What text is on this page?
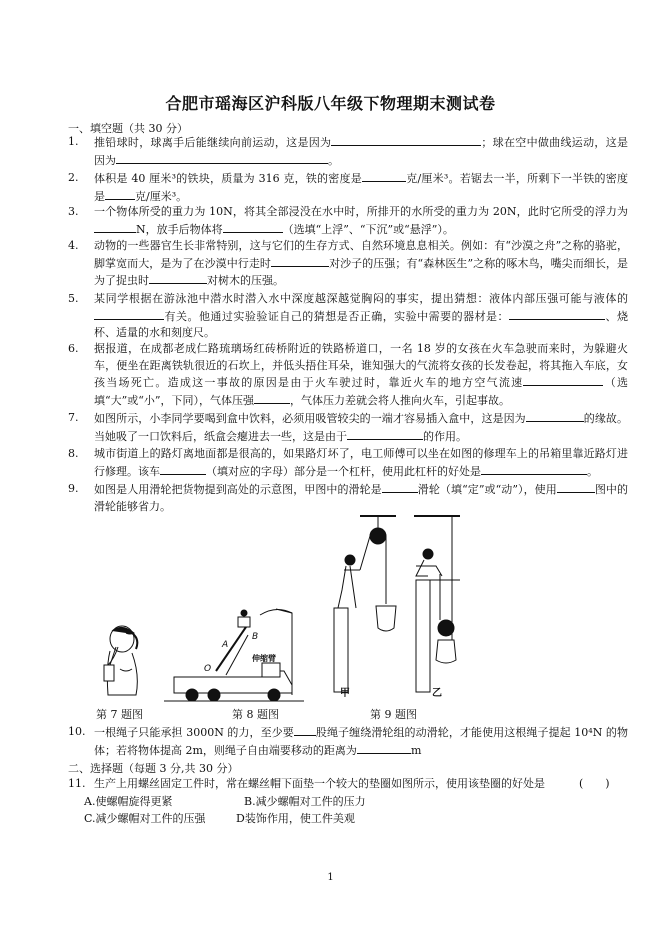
合肥市瑶海区沪科版八年级下物理期末测试卷
一、填空题（共 30 分）
1.	推铅球时，球离手后能继续向前运动，这是因为	；球在空中做曲线运动，这是因为	。
2.	体积是 40 厘米³的铁块，质量为 316 克，铁的密度是	克/厘米³。若锯去一半，所剩下一半铁的密度是	克/厘米³。
3.	一个物体所受的重力为 10N，将其全部浸没在水中时，所排开的水所受的重力为 20N，此时它所受的浮力为N，放手后物体将	（选填“上浮”、“下沉”或“悬浮”）。
4.	动物的一些器官生长非常特别，这与它们的生存方式、自然环境息息相关。例如：有“沙漠之舟”之称的骆驼，脚掌宽而大，是为了在沙漠中行走时	对沙子的压强；有“森林医生”之称的啄木鸟，嘴尖而细长，是为了捉虫时	对树木的压强。
5.	某同学根据在游泳池中潜水时潜入水中深度越深越觉胸闷的事实，提出猜想：液体内部压强可能与液体的有关。他通过实验验证自己的猜想是否正确，实验中需要的器材是：	、烧杯、适量的水和刻度尺。
6.	据报道，在成都老成仁路琉璃场红砖桥附近的铁路桥道口，一名 18 岁的女孩在火车急驶而来时，为躲避火车，便坐在距离铁轨很近的石坎上，并低头捂住耳朵，谁知强大的气流将女孩的长发卷起，将其拖入车底，女孩当场死亡。造成这一事故的原因是由于火车驶过时，靠近火车的地方空气流速	（选填“大”或“小”，下同），气体压强	，气体压力差就会将人推向火车，引起事故。
7.	如图所示，小李同学要喝到盒中饮料，必须用吸管较尖的一端才容易插入盒中，这是因为	的缘故。当她吸了一口饮料后，纸盒会瘪进去一些，这是由于	的作用。
8.	城市街道上的路灯离地面都是很高的，如果路灯坏了，电工师傅可以坐在如图的修理车上的吊箱里靠近路灯进行修理。该车	（填对应的字母）部分是一个杠杆，使用此杠杆的好处是	。
9.	如图是人用滑轮把货物提到高处的示意图，甲图中的滑轮是	滑轮（填“定”或“动”），使用	图中的滑轮能够省力。
A
B
O
伸缩臂
甲	乙
第 7 题图	第 8 题图	第 9 题图
10. 一根绳子只能承担 3000N 的力，至少要 股绳子缠绕滑轮组的动滑轮，才能使用这根绳子提起 10⁴N 的物体；若将物体提高 2m，则绳子自由端要移动的距离为	m
二、选择题（每题 3 分,共 30 分）
11. 生产上用螺丝固定工件时，常在螺丝帽下面垫一个较大的垫圈如图所示，使用该垫圈的好处是	(　　)
A.使螺帽旋得更紧	B.减少螺帽对工件的压力
C.减少螺帽对工件的压强	D装饰作用，使工件美观
1
